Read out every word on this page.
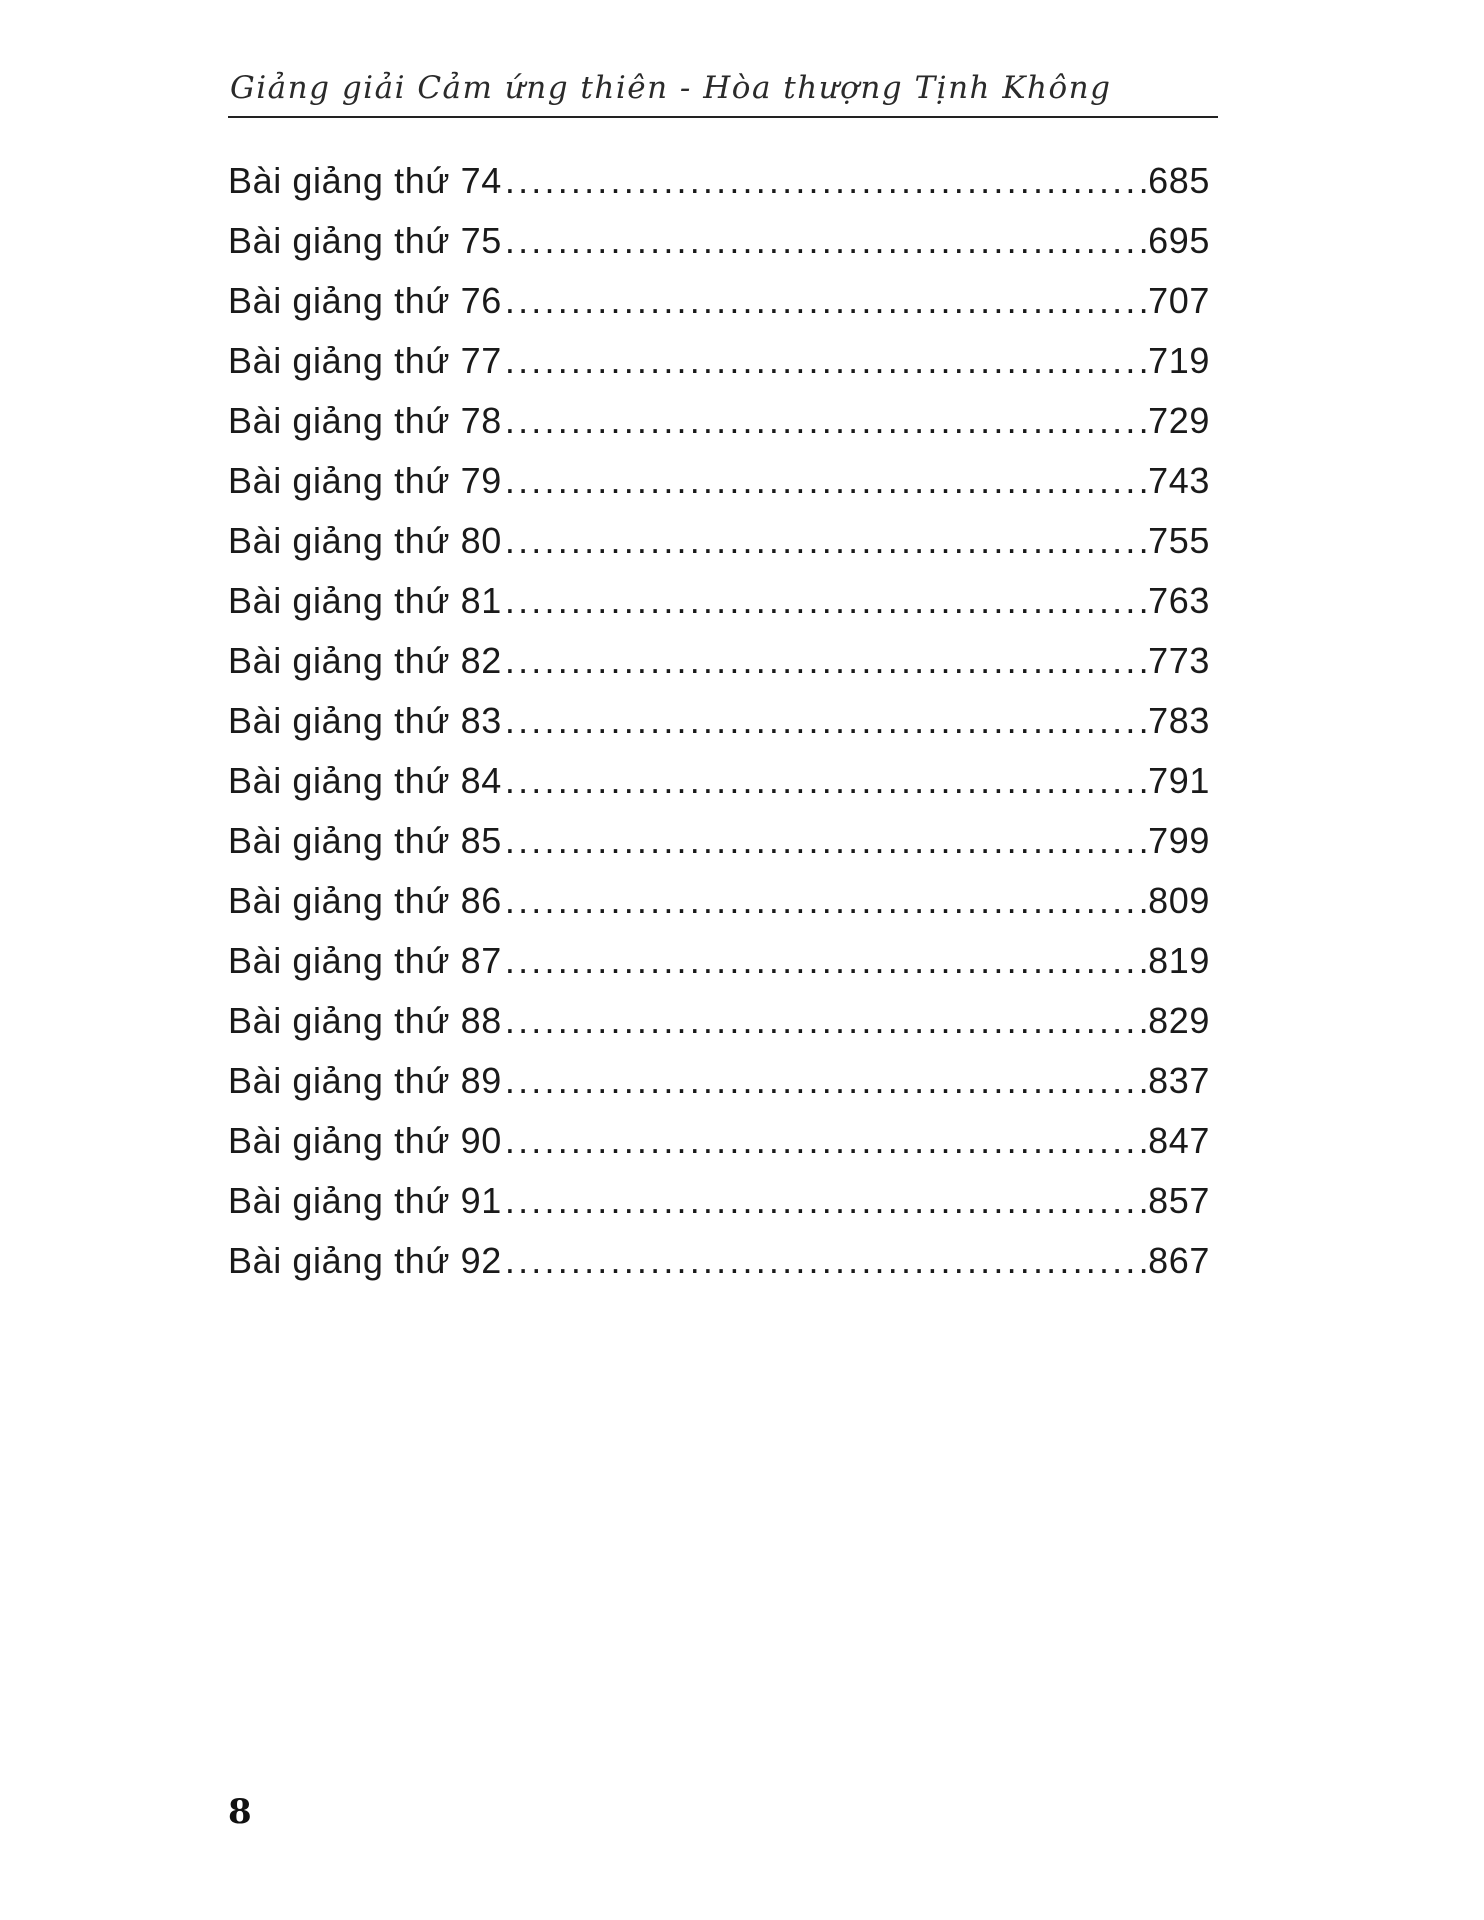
Giảng giải Cảm ứng thiên - Hòa thượng Tịnh Không
Bài giảng thứ 74 .....	685
Bài giảng thứ 75 .....	695
Bài giảng thứ 76 .....	707
Bài giảng thứ 77 .....	719
Bài giảng thứ 78 .....	729
Bài giảng thứ 79 .....	743
Bài giảng thứ 80 .....	755
Bài giảng thứ 81 .....	763
Bài giảng thứ 82 .....	773
Bài giảng thứ 83 .....	783
Bài giảng thứ 84 .....	791
Bài giảng thứ 85 .....	799
Bài giảng thứ 86 .....	809
Bài giảng thứ 87 .....	819
Bài giảng thứ 88 .....	829
Bài giảng thứ 89 .....	837
Bài giảng thứ 90 .....	847
Bài giảng thứ 91 .....	857
Bài giảng thứ 92 .....	867
8
